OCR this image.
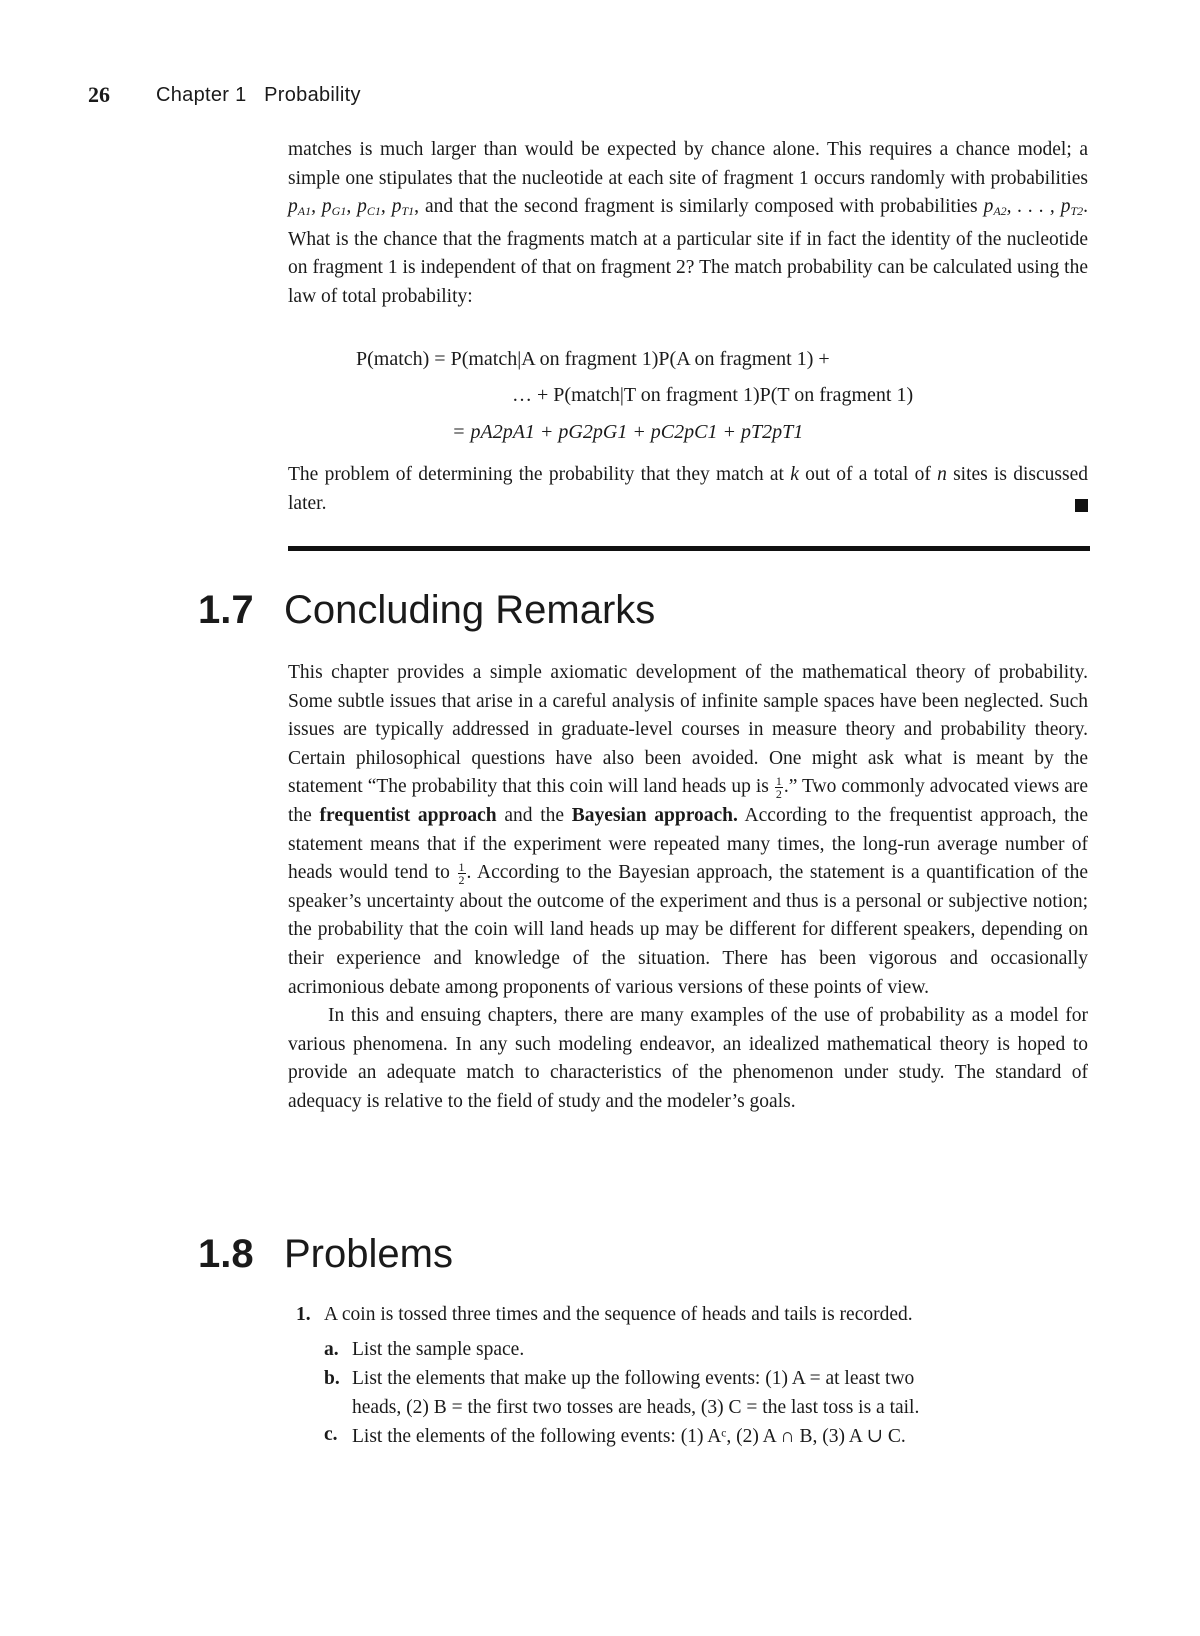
26 Chapter 1 Probability

matches is much larger than would be expected by chance alone. This requires a chance model; a simple one stipulates that the nucleotide at each site of fragment 1 occurs randomly with probabilities $p_{A1}$, $p_{G1}$, $p_{C1}$, $p_{T1}$, and that the second fragment is similarly composed with probabilities $p_{A2}$, . . . , $p_{T2}$. What is the chance that the fragments match at a particular site if in fact the identity of the nucleotide on fragment 1 is independent of that on fragment 2? The match probability can be calculated using the law of total probability:

P(match) = P(match|A on fragment 1)P(A on fragment 1) +
… + P(match|T on fragment 1)P(T on fragment 1)
= pA2pA1 + pG2pG1 + pC2pC1 + pT2pT1

The problem of determining the probability that they match at k out of a total of n sites is discussed later.

1.7 Concluding Remarks

This chapter provides a simple axiomatic development of the mathematical theory of probability. Some subtle issues that arise in a careful analysis of infinite sample spaces have been neglected. Such issues are typically addressed in graduate-level courses in measure theory and probability theory. Certain philosophical questions have also been avoided. One might ask what is meant by the statement “The probability that this coin will land heads up is $\frac{1}{2}$ .” Two commonly advocated views are the frequentist approach and the Bayesian approach. According to the frequentist approach, the statement means that if the experiment were repeated many times, the long-run average number of heads would tend to $\frac{1}{2}$ . According to the Bayesian approach, the statement is a quantification of the speaker’s uncertainty about the outcome of the experiment and thus is a personal or subjective notion; the probability that the coin will land heads up may be different for different speakers, depending on their experience and knowledge of the situation. There has been vigorous and occasionally acrimonious debate among proponents of various versions of these points of view.

In this and ensuing chapters, there are many examples of the use of probability as a model for various phenomena. In any such modeling endeavor, an idealized mathematical theory is hoped to provide an adequate match to characteristics of the phenomenon under study. The standard of adequacy is relative to the field of study and the modeler’s goals.

1.8 Problems
1. A coin is tossed three times and the sequence of heads and tails is recorded.
a. List the sample space.
b. List the elements that make up the following events: (1) A = at least two
heads, (2) B = the first two tosses are heads, (3) C = the last toss is a tail.
c. List the elements of the following events: (1) Aᶜ, (2) A ∩ B, (3) A ∪ C.
